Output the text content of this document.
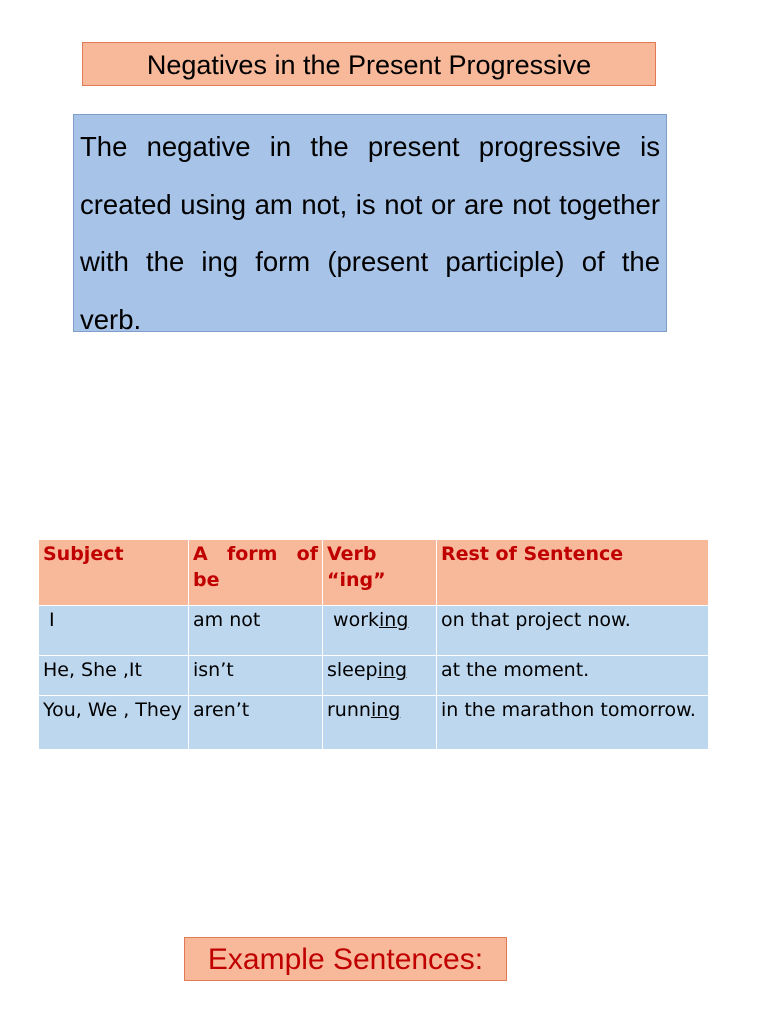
Negatives in the Present Progressive
The negative in the present progressive is created using am not, is not or are not together with the ing form (present participle) of the verb.
Subject	A form of be	Verb “ing”	Rest of Sentence
I	am not	working	on that project now.
He, She ,It	isn’t	sleeping	at the moment.
You, We , They	aren’t	running	in the marathon tomorrow.
Example Sentences:
